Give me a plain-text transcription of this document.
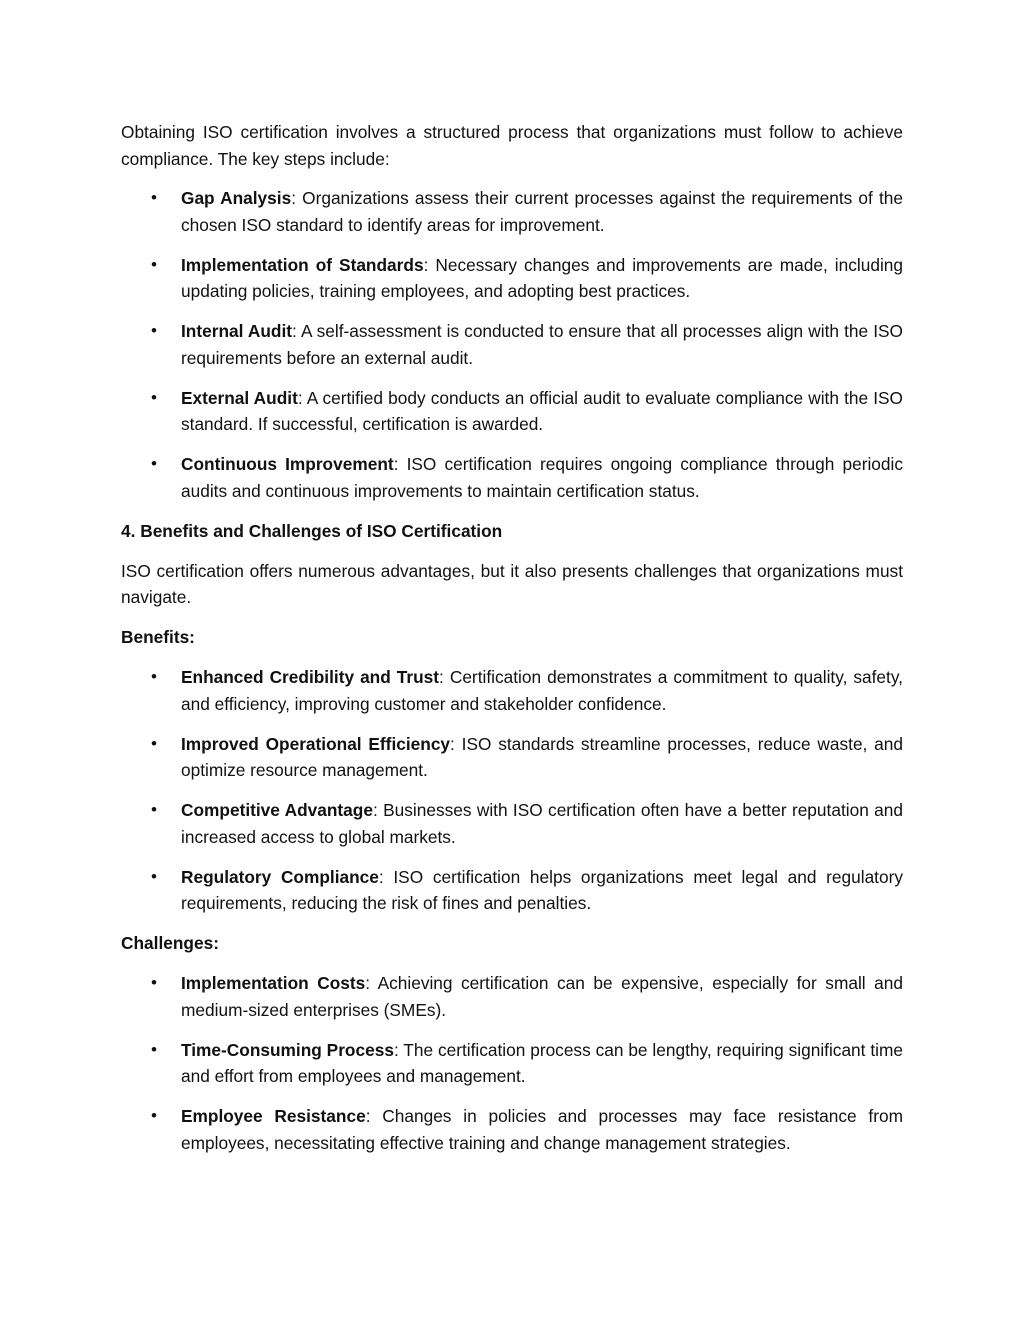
Obtaining ISO certification involves a structured process that organizations must follow to achieve compliance. The key steps include:

• Gap Analysis: Organizations assess their current processes against the requirements of the chosen ISO standard to identify areas for improvement.
• Implementation of Standards: Necessary changes and improvements are made, including updating policies, training employees, and adopting best practices.
• Internal Audit: A self-assessment is conducted to ensure that all processes align with the ISO requirements before an external audit.
• External Audit: A certified body conducts an official audit to evaluate compliance with the ISO standard. If successful, certification is awarded.
• Continuous Improvement: ISO certification requires ongoing compliance through periodic audits and continuous improvements to maintain certification status.
4. Benefits and Challenges of ISO Certification

ISO certification offers numerous advantages, but it also presents challenges that organizations must navigate.

Benefits:
• Enhanced Credibility and Trust: Certification demonstrates a commitment to quality, safety, and efficiency, improving customer and stakeholder confidence.
• Improved Operational Efficiency: ISO standards streamline processes, reduce waste, and optimize resource management.
• Competitive Advantage: Businesses with ISO certification often have a better reputation and increased access to global markets.
• Regulatory Compliance: ISO certification helps organizations meet legal and regulatory requirements, reducing the risk of fines and penalties.
Challenges:
• Implementation Costs: Achieving certification can be expensive, especially for small and medium-sized enterprises (SMEs).
• Time-Consuming Process: The certification process can be lengthy, requiring significant time and effort from employees and management.
• Employee Resistance: Changes in policies and processes may face resistance from employees, necessitating effective training and change management strategies.
